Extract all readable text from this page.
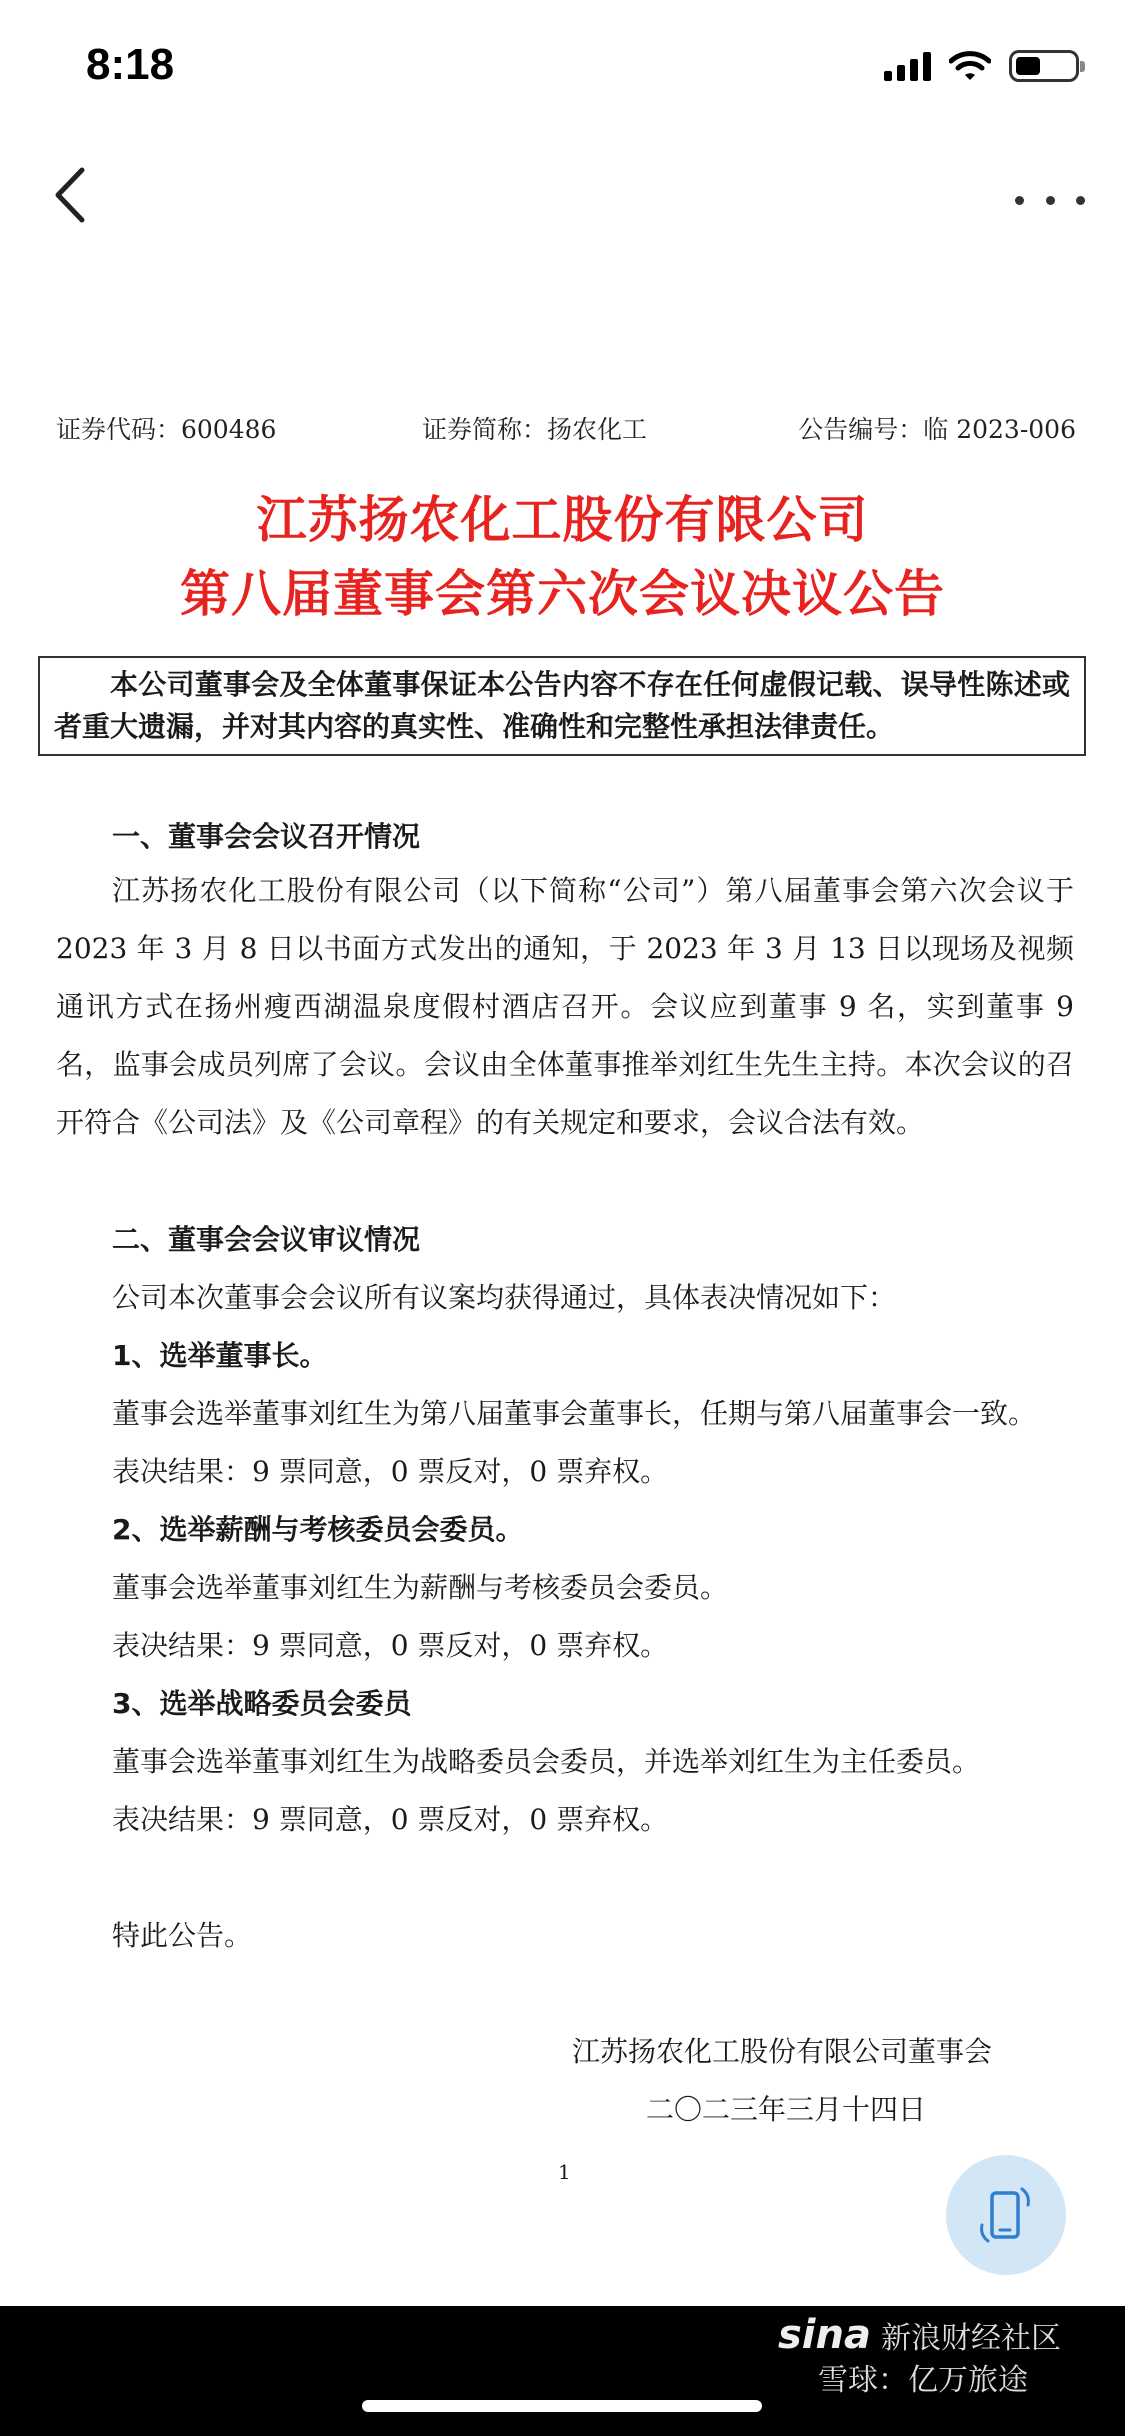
8:18
证券代码：600486	证券简称：扬农化工	公告编号：临 2023-006
江苏扬农化工股份有限公司
第八届董事会第六次会议决议公告
本公司董事会及全体董事保证本公告内容不存在任何虚假记载、误导性陈述或者重大遗漏，并对其内容的真实性、准确性和完整性承担法律责任。
一、董事会会议召开情况
江苏扬农化工股份有限公司（以下简称“公司”）第八届董事会第六次会议于 2023 年 3 月 8 日以书面方式发出的通知，于 2023 年 3 月 13 日以现场及视频通讯方式在扬州瘦西湖温泉度假村酒店召开。会议应到董事 9 名，实到董事 9 名，监事会成员列席了会议。会议由全体董事推举刘红生先生主持。本次会议的召开符合《公司法》及《公司章程》的有关规定和要求，会议合法有效。
二、董事会会议审议情况
公司本次董事会会议所有议案均获得通过，具体表决情况如下：
1、选举董事长。
董事会选举董事刘红生为第八届董事会董事长，任期与第八届董事会一致。
表决结果：9 票同意，0 票反对，0 票弃权。
2、选举薪酬与考核委员会委员。
董事会选举董事刘红生为薪酬与考核委员会委员。
表决结果：9 票同意，0 票反对，0 票弃权。
3、选举战略委员会委员
董事会选举董事刘红生为战略委员会委员，并选举刘红生为主任委员。
表决结果：9 票同意，0 票反对，0 票弃权。
特此公告。
江苏扬农化工股份有限公司董事会
二〇二三年三月十四日
1
sina 新浪财经社区
雪球：亿万旅途
